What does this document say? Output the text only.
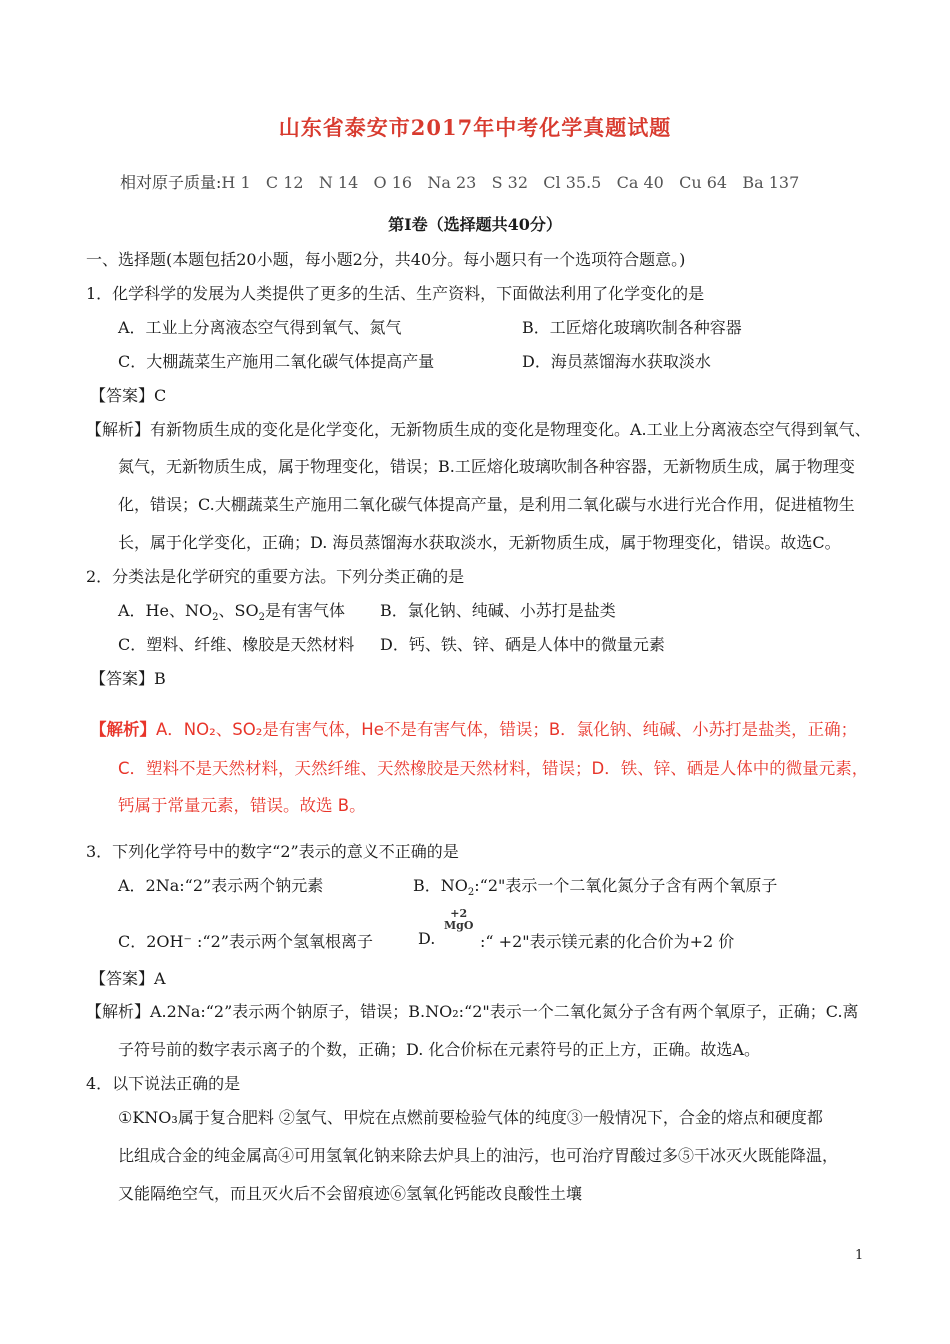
山东省泰安市2017年中考化学真题试题
相对原子质量:H 1   C 12   N 14   O 16   Na 23   S 32   Cl 35.5   Ca 40   Cu 64   Ba 137
第Ⅰ卷（选择题共40分）
一、选择题(本题包括20小题，每小题2分，共40分。每小题只有一个选项符合题意。)
1．化学科学的发展为人类提供了更多的生活、生产资料，下面做法利用了化学变化的是
A．工业上分离液态空气得到氧气、氮气	B．工匠熔化玻璃吹制各种容器
C．大棚蔬菜生产施用二氧化碳气体提高产量	D．海员蒸馏海水获取淡水
【答案】C
【解析】有新物质生成的变化是化学变化，无新物质生成的变化是物理变化。A.工业上分离液态空气得到氧气、
氮气，无新物质生成，属于物理变化，错误；B.工匠熔化玻璃吹制各种容器，无新物质生成，属于物理变
化，错误；C.大棚蔬菜生产施用二氧化碳气体提高产量，是利用二氧化碳与水进行光合作用，促进植物生
长，属于化学变化，正确；D. 海员蒸馏海水获取淡水，无新物质生成，属于物理变化，错误。故选C。
2．分类法是化学研究的重要方法。下列分类正确的是
A．He、$NO_2$、$SO_2$是有害气体 B．氯化钠、纯碱、小苏打是盐类
C．塑料、纤维、橡胶是天然材料 D．钙、铁、锌、硒是人体中的微量元素
【答案】B
【解析】A．NO₂、SO₂是有害气体，He不是有害气体，错误；B．氯化钠、纯碱、小苏打是盐类，正确；
C．塑料不是天然材料，天然纤维、天然橡胶是天然材料，错误；D．铁、锌、硒是人体中的微量元素，
钙属于常量元素，错误。故选 B。
3．下列化学符号中的数字“2”表示的意义不正确的是
A．2Na:“2”表示两个钠元素	B．$NO_2:“2$"表示一个二氧化氮分子含有两个氧原子
C．2OH⁻ :“2”表示两个氢氧根离子	D.
+2
MgO
:“ +2"表示镁元素的化合价为+2 价
【答案】A
【解析】A.2Na:“2”表示两个钠原子，错误；B.NO₂:“2"表示一个二氧化氮分子含有两个氧原子，正确；C.离
子符号前的数字表示离子的个数，正确；D. 化合价标在元素符号的正上方，正确。故选A。
4．以下说法正确的是
①KNO₃属于复合肥料 ②氢气、甲烷在点燃前要检验气体的纯度③一般情况下，合金的熔点和硬度都
比组成合金的纯金属高④可用氢氧化钠来除去炉具上的油污，也可治疗胃酸过多⑤干冰灭火既能降温，
又能隔绝空气，而且灭火后不会留痕迹⑥氢氧化钙能改良酸性土壤
1
